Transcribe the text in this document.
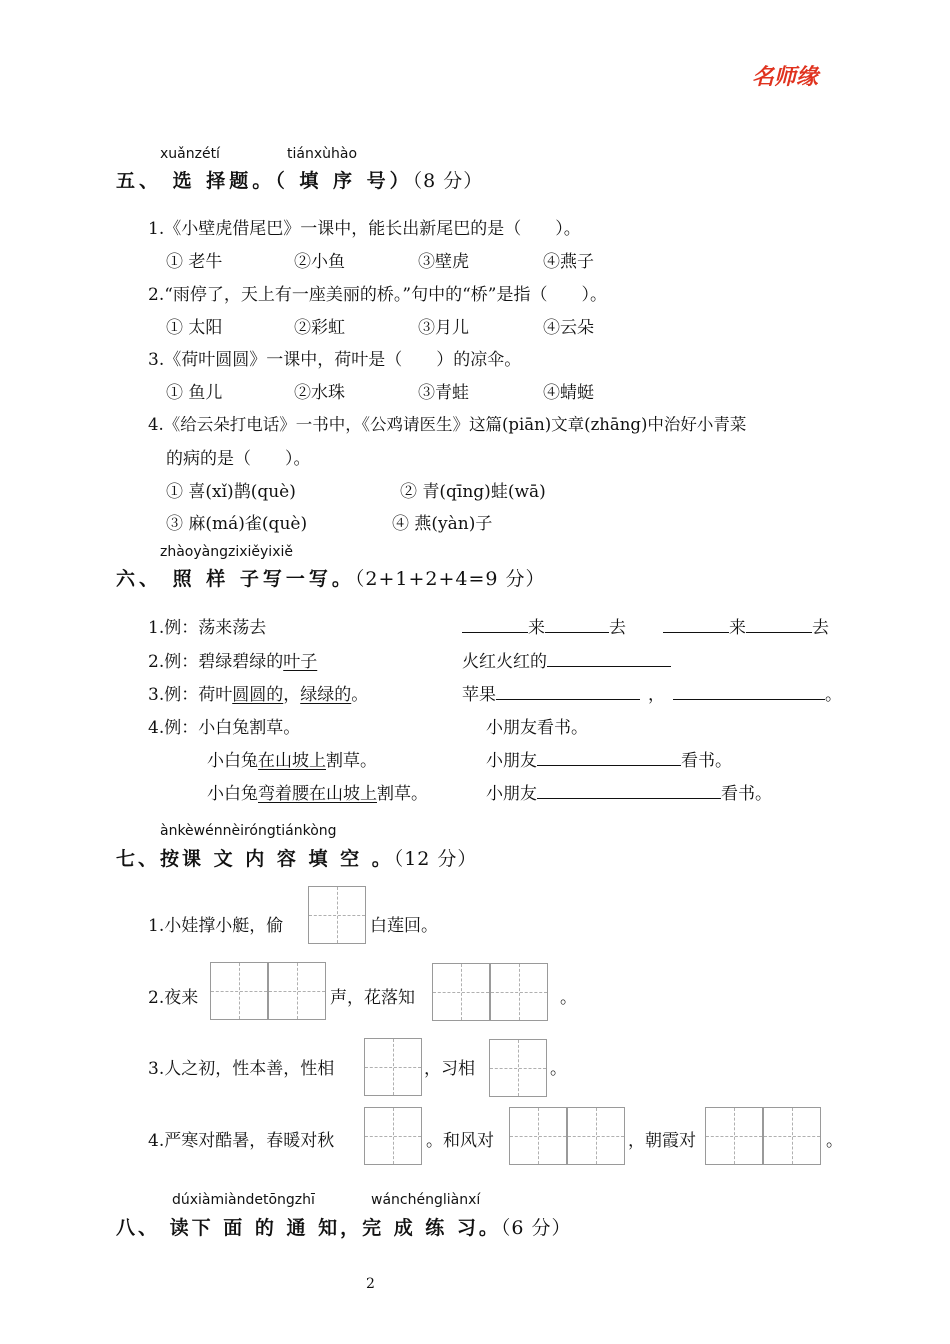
名师缘
xuǎnzétí	tiánxùhào
五、 选 择题。（ 填 序 号）（8 分）
1.《小壁虎借尾巴》一课中，能长出新尾巴的是（　　）。
① 老牛	②小鱼	③壁虎	④燕子
2.“雨停了，天上有一座美丽的桥。”句中的“桥”是指（　　）。
① 太阳	②彩虹	③月儿	④云朵
3.《荷叶圆圆》一课中，荷叶是（　　）的凉伞。
① 鱼儿	②水珠	③青蛙	④蜻蜓
4.《给云朵打电话》一书中，《公鸡请医生》这篇(piān)文章(zhāng)中治好小青菜
的病的是（　　）。
① 喜(xǐ)鹊(què)	② 青(qīng)蛙(wā)
③ 麻(má)雀(què)	④ 燕(yàn)子
zhàoyàngzixiěyixiě
六、 照 样 子写一写。（2+1+2+4=9 分）
1.例：荡来荡去	来	去	来	去
2.例：碧绿碧绿的叶子	火红火红的
3.例：荷叶圆圆的，绿绿的。	苹果	，	。
4.例：小白兔割草。	小朋友看书。
小白兔在山坡上割草。	小朋友	看书。
小白兔弯着腰在山坡上割草。	小朋友	看书。
ànkèwénnèiróngtiánkòng
七、按课 文 内 容 填 空 。（12 分）
1.小娃撑小艇，偷	白莲回。
2.夜来	声，花落知	。
3.人之初，性本善，性相	，习相	。
4.严寒对酷暑，春暖对秋	。和风对	，朝霞对	。
dúxiàmiàndetōngzhī	wánchéngliànxí
八、 读下 面 的 通 知，完 成 练 习。（6 分）
2
